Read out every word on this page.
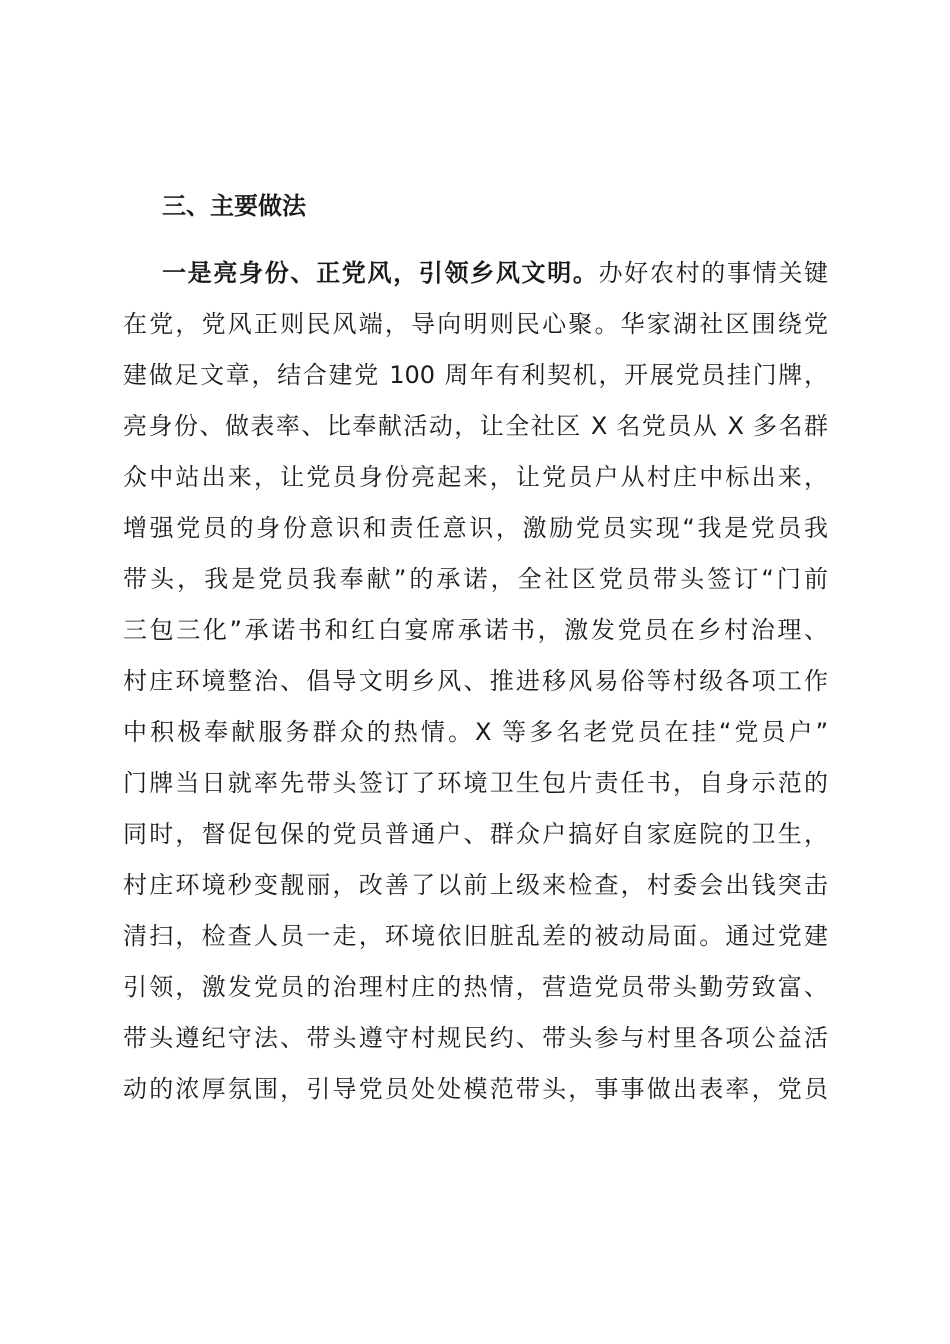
三、主要做法
一是亮身份、正党风，引领乡风文明。办好农村的事情关键
在党，党风正则民风端，导向明则民心聚。华家湖社区围绕党
建做足文章，结合建党 100 周年有利契机，开展党员挂门牌，
亮身份、做表率、比奉献活动，让全社区 X 名党员从 X 多名群
众中站出来，让党员身份亮起来，让党员户从村庄中标出来，
增强党员的身份意识和责任意识，激励党员实现“我是党员我
带头，我是党员我奉献”的承诺，全社区党员带头签订“门前
三包三化”承诺书和红白宴席承诺书，激发党员在乡村治理、
村庄环境整治、倡导文明乡风、推进移风易俗等村级各项工作
中积极奉献服务群众的热情。X 等多名老党员在挂“党员户”
门牌当日就率先带头签订了环境卫生包片责任书，自身示范的
同时，督促包保的党员普通户、群众户搞好自家庭院的卫生，
村庄环境秒变靓丽，改善了以前上级来检查，村委会出钱突击
清扫，检查人员一走，环境依旧脏乱差的被动局面。通过党建
引领，激发党员的治理村庄的热情，营造党员带头勤劳致富、
带头遵纪守法、带头遵守村规民约、带头参与村里各项公益活
动的浓厚氛围，引导党员处处模范带头，事事做出表率，党员
